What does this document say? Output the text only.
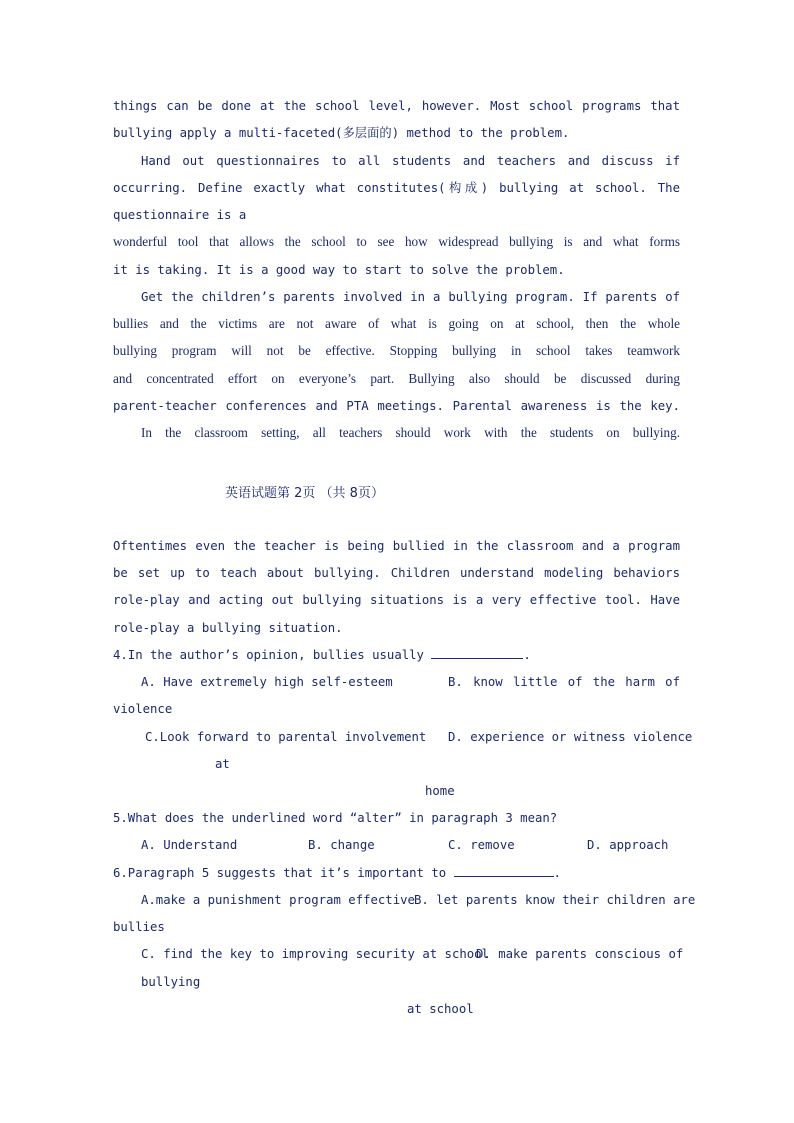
things can be done at the school level, however. Most school programs that
bullying apply a multi-faceted(多层面的) method to the problem.
Hand out questionnaires to all students and teachers and discuss if
occurring. Define exactly what constitutes(构成) bullying at school. The
questionnaire is a
wonderful tool that allows the school to see how widespread bullying is and what forms
it is taking. It is a good way to start to solve the problem.
Get the children’s parents involved in a bullying program. If parents of
bullies and the victims are not aware of what is going on at school, then the whole
bullying program will not be effective. Stopping bullying in school takes teamwork
and concentrated effort on everyone’s part. Bullying also should be discussed during
parent-teacher conferences and PTA meetings. Parental awareness is the key.
In the classroom setting, all teachers should work with the students on bullying.
英语试题第 2页 （共 8页）
Oftentimes even the teacher is being bullied in the classroom and a program
be set up to teach about bullying. Children understand modeling behaviors
role-play and acting out bullying situations is a very effective tool. Have
role-play a bullying situation.
4.In the author’s opinion, bullies usually	.
A. Have extremely high self-esteem	B. know little of the harm of
violence
C.Look forward to parental involvement D. experience or witness violence
at
home
5.What does the underlined word “alter” in paragraph 3 mean?
A. Understand	B. change	C. remove	D. approach
6.Paragraph 5 suggests that it’s important to	.
A.make a punishment program effective B. let parents know their children are
bullies
C. find the key to improving security at school
D. make parents conscious of
bullying
at school
